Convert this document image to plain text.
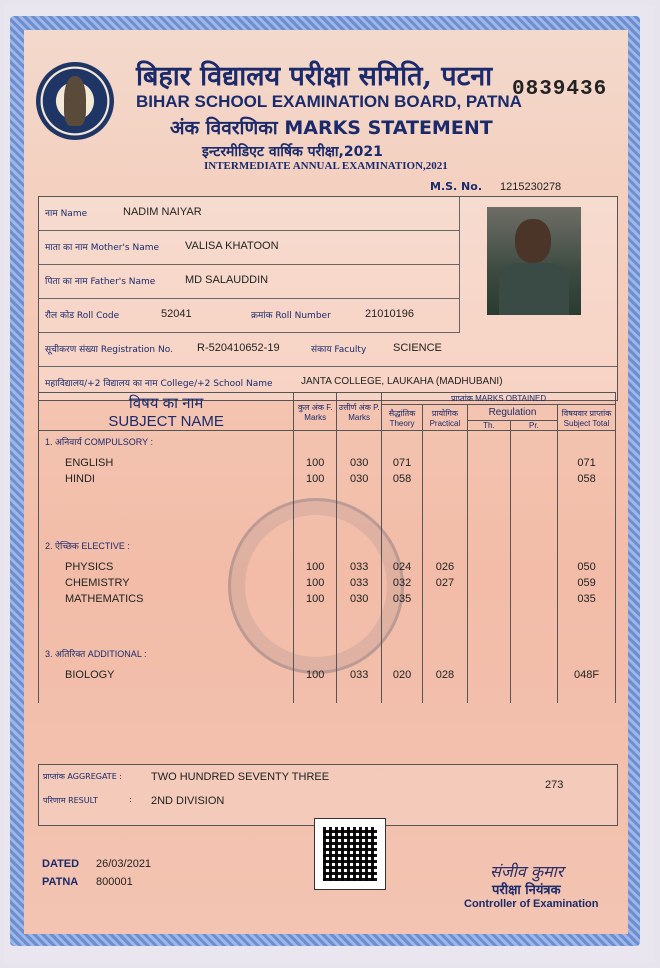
बिहार विद्यालय परीक्षा समिति, पटना
BIHAR SCHOOL EXAMINATION BOARD, PATNA
अंक विवरणिका MARKS STATEMENT
इन्टरमीडिएट वार्षिक परीक्षा,2021
INTERMEDIATE ANNUAL EXAMINATION,2021
0839436
M.S. No. 1215230278
नाम Name	NADIM NAIYAR
माता का नाम Mother's Name VALISA KHATOON
पिता का नाम Father's Name	MD SALAUDDIN
रौल कोड Roll Code	52041	क्रमांक Roll Number	21010196
सूचीकरण संख्या Registration No. R-520410652-19	संकाय Faculty SCIENCE
महाविद्यालय/+2 विद्यालय का नाम College/+2 School Name	JANTA COLLEGE, LAUKAHA (MADHUBANI)
विषय का नाम
SUBJECT NAME	कुल अंक F. Marks	उत्तीर्ण अंक P. Marks	प्राप्तांक MARKS OBTAINED				
			सैद्धांतिक Theory	प्रायोगिक Practical	Regulation		विषयवार प्राप्तांक Subject Total
					Th.	Pr.	
1. अनिवार्य COMPULSORY :							

ENGLISH	100	030	071				071
HINDI	100	030	058				058

2. ऐच्छिक ELECTIVE :							

PHYSICS	100	033	024	026			050
CHEMISTRY	100	033	032	027			059
MATHEMATICS	100	030	035				035

3. अतिरिक्त ADDITIONAL :							

BIOLOGY	100	033	020	028			048F

प्राप्तांक AGGREGATE :	TWO HUNDRED SEVENTY THREE
273
परिणाम RESULT	: 2ND DIVISION
DATED 26/03/2021
PATNA 800001
संजीव कुमार
परीक्षा नियंत्रक
Controller of Examination
